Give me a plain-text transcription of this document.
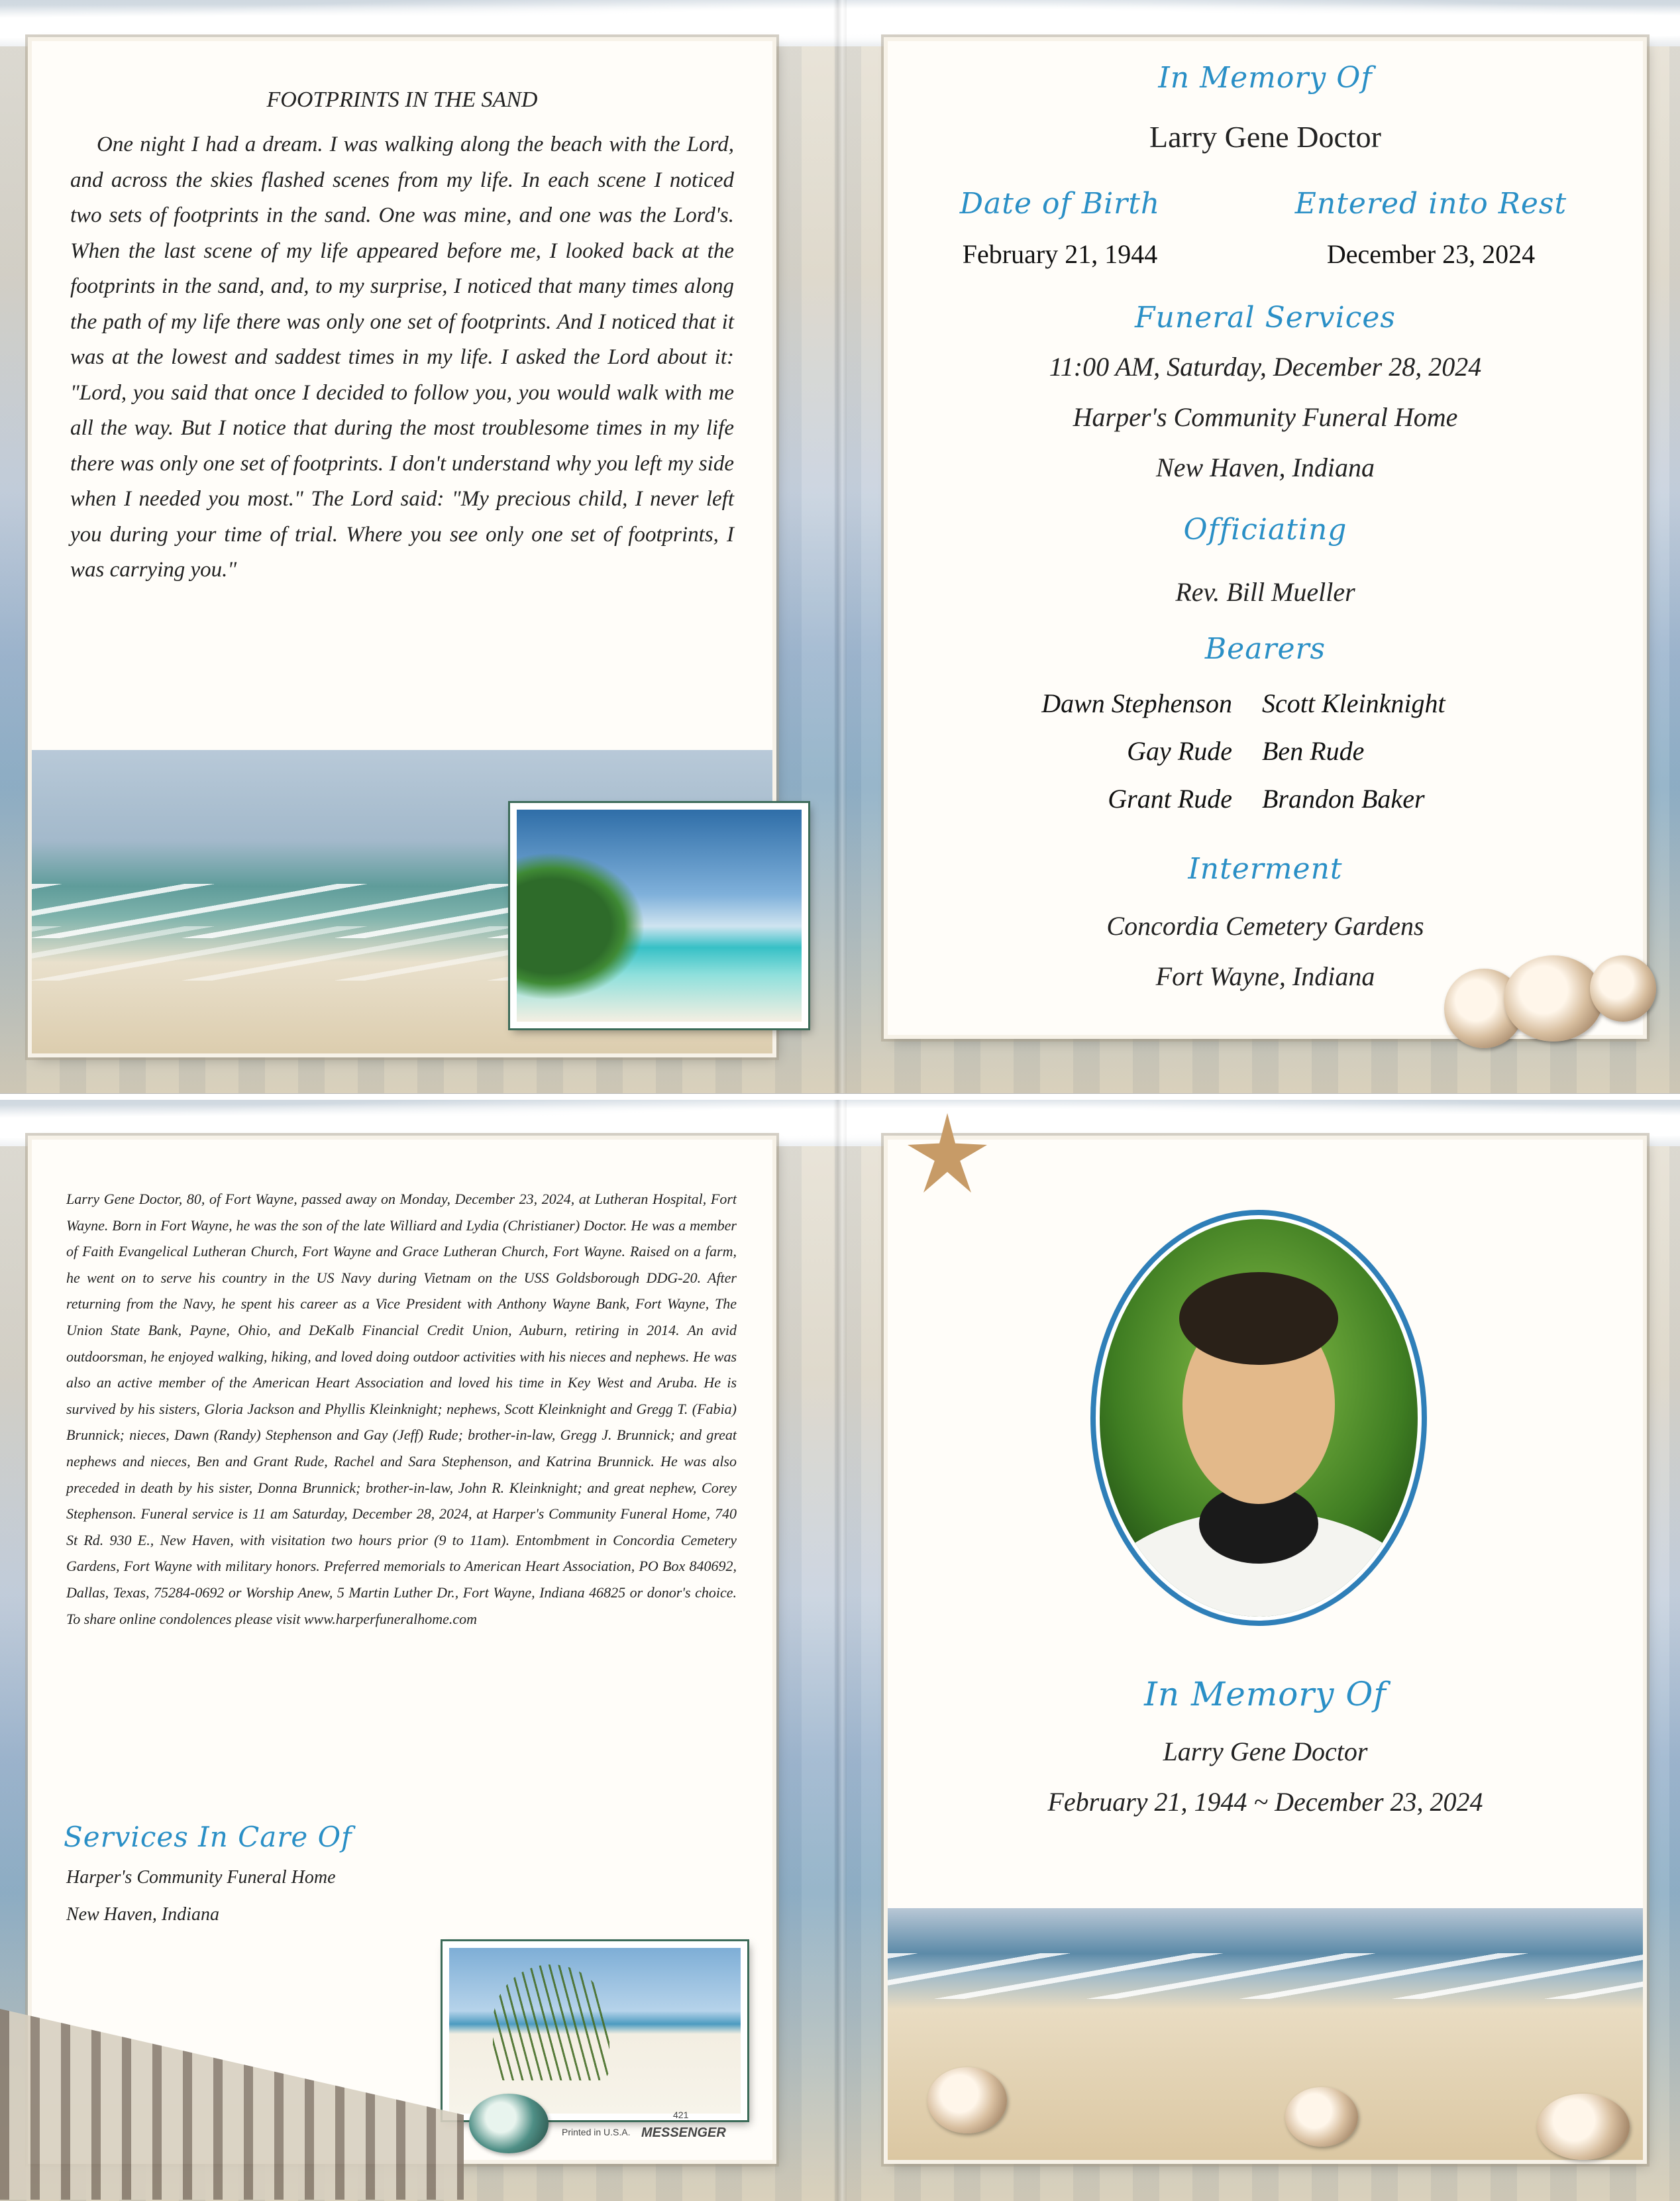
FOOTPRINTS IN THE SAND
One night I had a dream. I was walking along the beach with the Lord, and across the skies flashed scenes from my life. In each scene I noticed two sets of footprints in the sand. One was mine, and one was the Lord's. When the last scene of my life appeared before me, I looked back at the footprints in the sand, and, to my surprise, I noticed that many times along the path of my life there was only one set of footprints. And I noticed that it was at the lowest and saddest times in my life. I asked the Lord about it: "Lord, you said that once I decided to follow you, you would walk with me all the way. But I notice that during the most troublesome times in my life there was only one set of footprints. I don't understand why you left my side when I needed you most." The Lord said: "My precious child, I never left you during your time of trial. Where you see only one set of footprints, I was carrying you."
In Memory Of
Larry Gene Doctor
Date of Birth	Entered into Rest
February 21, 1944	December 23, 2024
Funeral Services
11:00 AM, Saturday, December 28, 2024
Harper's Community Funeral Home
New Haven, Indiana
Officiating
Rev. Bill Mueller
Bearers
Dawn Stephenson Scott Kleinknight
Gay Rude Ben Rude
Grant Rude Brandon Baker
Interment
Concordia Cemetery Gardens
Fort Wayne, Indiana
Larry Gene Doctor, 80, of Fort Wayne, passed away on Monday, December 23, 2024, at Lutheran Hospital, Fort Wayne. Born in Fort Wayne, he was the son of the late Williard and Lydia (Christianer) Doctor. He was a member of Faith Evangelical Lutheran Church, Fort Wayne and Grace Lutheran Church, Fort Wayne. Raised on a farm, he went on to serve his country in the US Navy during Vietnam on the USS Goldsborough DDG-20. After returning from the Navy, he spent his career as a Vice President with Anthony Wayne Bank, Fort Wayne, The Union State Bank, Payne, Ohio, and DeKalb Financial Credit Union, Auburn, retiring in 2014. An avid outdoorsman, he enjoyed walking, hiking, and loved doing outdoor activities with his nieces and nephews. He was also an active member of the American Heart Association and loved his time in Key West and Aruba. He is survived by his sisters, Gloria Jackson and Phyllis Kleinknight; nephews, Scott Kleinknight and Gregg T. (Fabia) Brunnick; nieces, Dawn (Randy) Stephenson and Gay (Jeff) Rude; brother-in-law, Gregg J. Brunnick; and great nephews and nieces, Ben and Grant Rude, Rachel and Sara Stephenson, and Katrina Brunnick. He was also preceded in death by his sister, Donna Brunnick; brother-in-law, John R. Kleinknight; and great nephew, Corey Stephenson. Funeral service is 11 am Saturday, December 28, 2024, at Harper's Community Funeral Home, 740 St Rd. 930 E., New Haven, with visitation two hours prior (9 to 11am). Entombment in Concordia Cemetery Gardens, Fort Wayne with military honors. Preferred memorials to American Heart Association, PO Box 840692, Dallas, Texas, 75284-0692 or Worship Anew, 5 Martin Luther Dr., Fort Wayne, Indiana 46825 or donor's choice. To share online condolences please visit www.harperfuneralhome.com
Services In Care Of
Harper's Community Funeral Home
New Haven, Indiana
421
Printed in U.S.A. MESSENGER
In Memory Of
Larry Gene Doctor
February 21, 1944 ~ December 23, 2024
